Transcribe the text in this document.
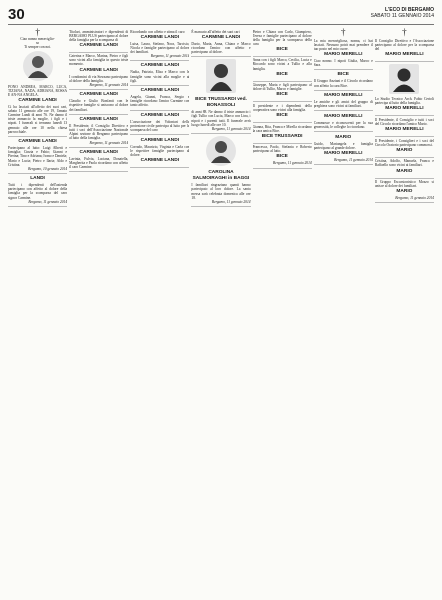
30	L'ECO DI BERGAMO
SABATO 11 GENNAIO 2014
†

Ciao nonno meraviglio-

so

Ti sempre con noi.

PONO ANDREA, MARCO, LUCA, TIZIANA, NADA, ADRIANA, ROSSA E AN-NA ANGELA.

CARMINE LANDI

Ci ha lasciati all'affetto dei suoi cari, sabato 11 gennaio alle ore 19, l'amato Carmine Landi di anni 76. Ne danno il triste annuncio la moglie, i figli e i nipoti. I funerali si terranno lunedì 13 gennaio alle ore 10 nella chiesa parrocchiale.

CARMINE LANDI

Partecipano al lutto: Luigi Alberti e famiglia; Cinzia e Fabio; Gianni e Pierina; Tino e Adriana; Ivano e Daniela; Mario e Lucia; Pietro e Ilaria; Aldo e Cristina.

Bergamo, 10 gennaio 2014

LANDI

Tutti i dipendenti dell'azienda partecipano con affetto al dolore della famiglia per la scomparsa del caro signor Carmine.

Bergamo, 11 gennaio 2014

Titolari, amministratori e dipendenti di BERGAMO PLUS partecipano al dolore della famiglia per la scomparsa di

CARMINE LANDI

Caterina e Marco, Marina, Pietro e figli sono vicini alla famiglia in questo triste momento.

CARMINE LANDI

I condomini di via Stezzano partecipano al dolore della famiglia.

Bergamo, 11 gennaio 2014

CARMINE LANDI

Claudio e Giulio Bonfanti con le rispettive famiglie si uniscono al dolore dei familiari.

CARMINE LANDI

Il Presidente, il Consiglio Direttivo e tutti i soci dell'Associazione Nazionale Alpini sezione di Bergamo partecipano al lutto della famiglia.

Bergamo, 11 gennaio 2014

CARMINE LANDI

Lavinia, Fulvia, Luciana, Donatella, Margherita e Paola ricordano con affetto il caro Carmine.

Ricordando con affetto e stima il caro

CARMINE LANDI

Luisa, Laura, Stefano, Nora, Tarcisio, Nicola e famiglie partecipano al dolore dei familiari.

Bergamo, 11 gennaio 2014

CARMINE LANDI

Nadia, Patrizia, Elisa e Marco con le famiglie sono vicini alla moglie e ai figli.

CARMINE LANDI

Angela, Gianni, Franca, Sergio e famiglie ricordano l'amico Carmine con tanto affetto.

CARMINE LANDI

L'associazione dei Volontari della protezione civile partecipa al lutto per la scomparsa del caro

CARMINE LANDI

Corrado, Maurizio, Virginia e Carla con le rispettive famiglie partecipano al dolore.

CARMINE LANDI

È mancato all'affetto dei suoi cari

CARMINE LANDI

Dario, Maria, Anna, Chiara e Marco ricordano l'amico con affetto e partecipano al dolore.

BICE TRUSSARDI ved. BONASSOLI

di anni 88. Ne danno il triste annuncio i figli Tullio con Lucia, Marco con Lina, i nipoti e i parenti tutti. Il funerale avrà luogo lunedì alle ore 10.

Bergamo, 11 gennaio 2014

CAROLINA SALMOIRAGHI in BAGGI

I familiari ringraziano quanti hanno partecipato al loro dolore. La santa messa sarà celebrata domenica alle ore 18.

Bergamo, 11 gennaio 2014

Pietro e Chiara con Carlo, Giampiero, Teresa e famiglie partecipano al dolore della famiglia per la scomparsa della cara

BICE

Anna con i figli Marco, Cecilia, Lucia e Riccardo sono vicini a Tullio e alla famiglia.

BICE

Giuseppe, Maria e figli partecipano al dolore di Tullio, Marco e famiglie.

BICE

Il presidente e i dipendenti della cooperativa sono vicini alla famiglia.

BICE

Gianna, Rita, Franca e Mirella ricordano la cara amica Bice.

BICE TRUSSARDI

Francesca, Paolo, Stefania e Roberto partecipano al lutto.

BICE

Bergamo, 11 gennaio 2014

†

La mia meravigliosa, nonna, ci hai lasciati. Nessuno potrà mai prendere il tuo posto nel mio cuore.

MARIO MERELLI

Ciao nonno. I nipoti Giulia, Marco e Sara.

BICE

Il Gruppo Anziani e il Circolo ricordano con affetto la cara Bice.

MARIO MERELLI

Le amiche e gli amici del gruppo di preghiera sono vicini ai familiari.

MARIO MERELLI

Commosse e riconoscenti per la sua generosità, le colleghe lo ricordano.

MARIO

Guido, Mariangela e famiglia partecipano al grande dolore.

MARIO MERELLI

Bergamo, 11 gennaio 2014

†

Il Consiglio Direttivo e l'Associazione partecipano al dolore per la scomparsa del

MARIO MERELLI

Lo Studio Tecnico Arch. Fabio Cerioli partecipa al lutto della famiglia.

MARIO MERELLI

Il Presidente, il Consiglio e tutti i soci del Circolo ricordano l'amico Mario.

MARIO MERELLI

Il Presidente, i Consiglieri e i soci del Circolo Oratorio partecipano commossi.

MARIO

Cristina, Adolfo, Manuela, Franca e Raffaello sono vicini ai familiari.

MARIO

Il Gruppo Escursionistico Mozzo si unisce al dolore dei familiari.

MARIO

Bergamo, 11 gennaio 2014
